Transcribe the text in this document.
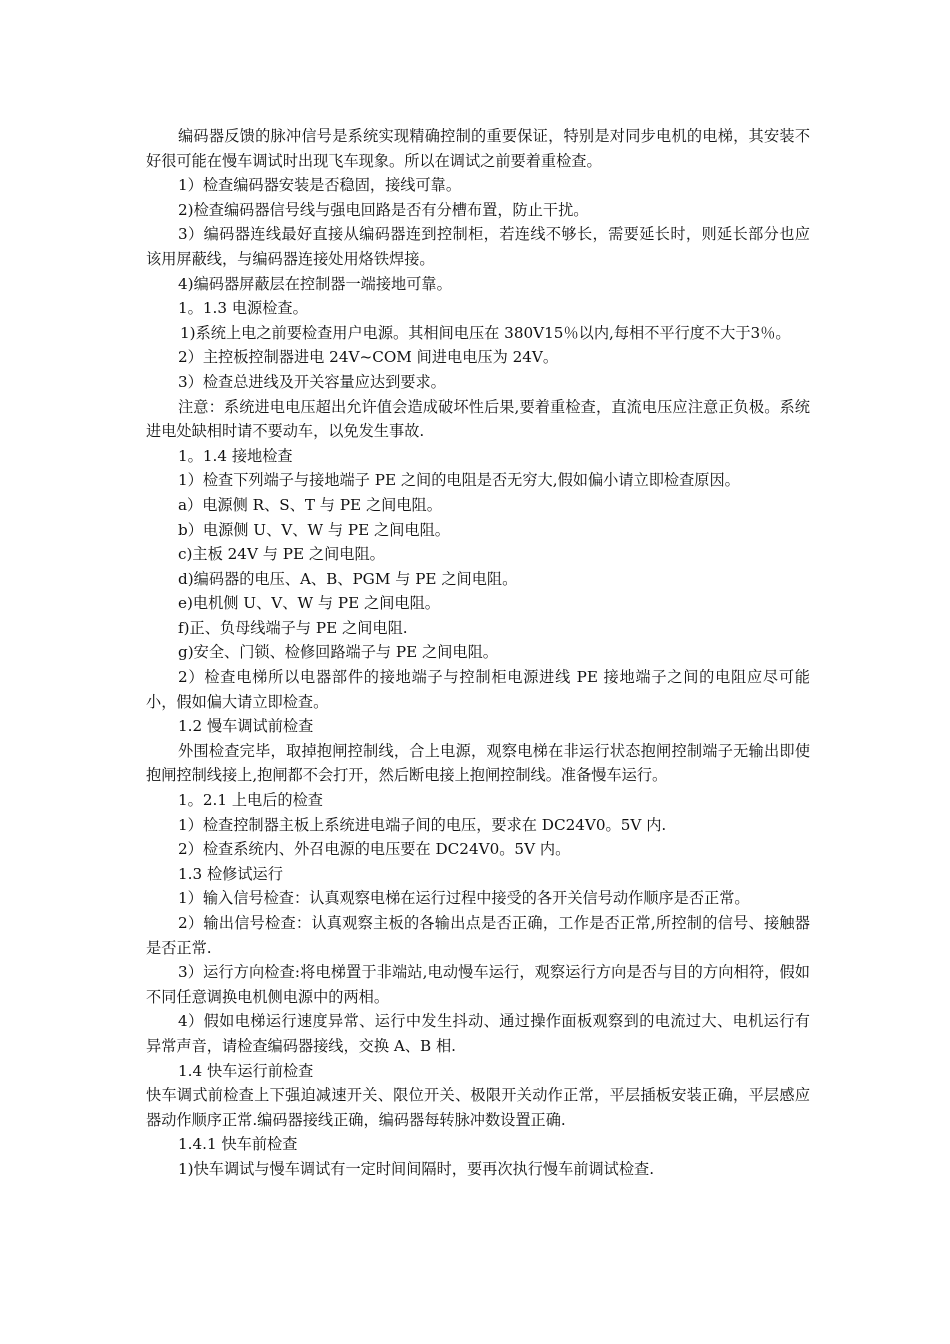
编码器反馈的脉冲信号是系统实现精确控制的重要保证，特别是对同步电机的电梯，其安装不好很可能在慢车调试时出现飞车现象。所以在调试之前要着重检查。

1）检查编码器安装是否稳固，接线可靠。

2)检查编码器信号线与强电回路是否有分槽布置，防止干扰。

3）编码器连线最好直接从编码器连到控制柜，若连线不够长，需要延长时，则延长部分也应该用屏蔽线，与编码器连接处用烙铁焊接。

4)编码器屏蔽层在控制器一端接地可靠。

1。1.3 电源检查。

1)系统上电之前要检查用户电源。其相间电压在 380V15％以内,每相不平行度不大于3％。

2）主控板控制器进电 24V~COM 间进电电压为 24V。

3）检查总进线及开关容量应达到要求。

注意：系统进电电压超出允许值会造成破坏性后果,要着重检查，直流电压应注意正负极。系统进电处缺相时请不要动车，以免发生事故.

1。1.4 接地检查

1）检查下列端子与接地端子 PE 之间的电阻是否无穷大,假如偏小请立即检查原因。

a）电源侧 R、S、T 与 PE 之间电阻。

b）电源侧 U、V、W 与 PE 之间电阻。

c)主板 24V 与 PE 之间电阻。

d)编码器的电压、A、B、PGM 与 PE 之间电阻。

e)电机侧 U、V、W 与 PE 之间电阻。

f)正、负母线端子与 PE 之间电阻.

g)安全、门锁、检修回路端子与 PE 之间电阻。

2）检查电梯所以电器部件的接地端子与控制柜电源进线 PE 接地端子之间的电阻应尽可能小，假如偏大请立即检查。

1.2 慢车调试前检查

外围检查完毕，取掉抱闸控制线，合上电源，观察电梯在非运行状态抱闸控制端子无输出即使抱闸控制线接上,抱闸都不会打开，然后断电接上抱闸控制线。准备慢车运行。

1。2.1 上电后的检查

1）检查控制器主板上系统进电端子间的电压，要求在 DC24V0。5V 内.

2）检查系统内、外召电源的电压要在 DC24V0。5V 内。

1.3 检修试运行

1）输入信号检查：认真观察电梯在运行过程中接受的各开关信号动作顺序是否正常。

2）输出信号检查：认真观察主板的各输出点是否正确，工作是否正常,所控制的信号、接触器是否正常.

3）运行方向检查:将电梯置于非端站,电动慢车运行，观察运行方向是否与目的方向相符，假如不同任意调换电机侧电源中的两相。

4）假如电梯运行速度异常、运行中发生抖动、通过操作面板观察到的电流过大、电机运行有异常声音，请检查编码器接线，交换 A、B 相.

1.4 快车运行前检查

快车调式前检查上下强迫减速开关、限位开关、极限开关动作正常，平层插板安装正确，平层感应器动作顺序正常.编码器接线正确，编码器每转脉冲数设置正确.

1.4.1 快车前检查

1)快车调试与慢车调试有一定时间间隔时，要再次执行慢车前调试检查.
